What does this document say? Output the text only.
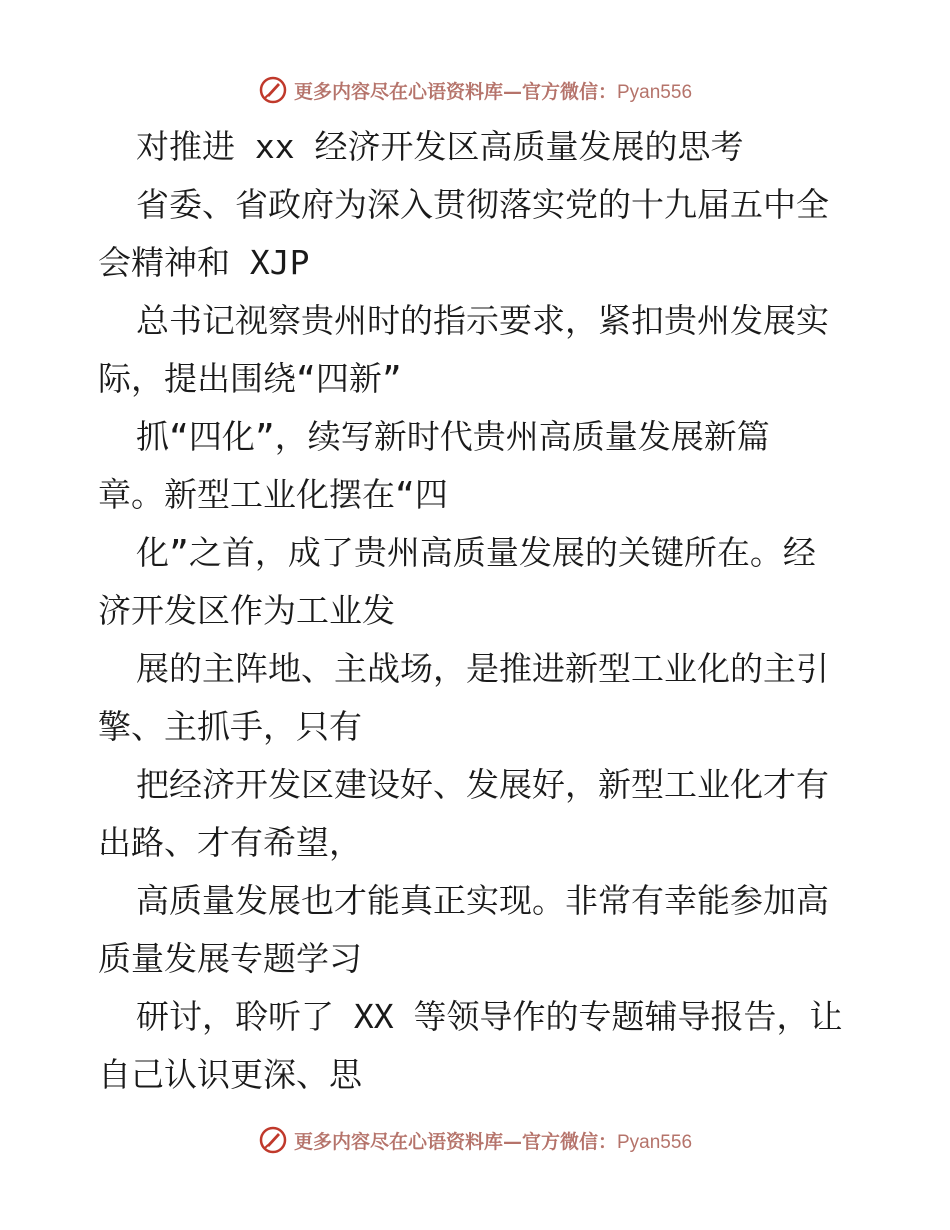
更多内容尽在心语资料库—官方微信：Pyan556
对推进 xx 经济开发区高质量发展的思考
省委、省政府为深入贯彻落实党的十九届五中全
会精神和 XJP
总书记视察贵州时的指示要求，紧扣贵州发展实
际，提出围绕“四新”
抓“四化”，续写新时代贵州高质量发展新篇
章。新型工业化摆在“四
化”之首，成了贵州高质量发展的关键所在。经
济开发区作为工业发
展的主阵地、主战场，是推进新型工业化的主引
擎、主抓手，只有
把经济开发区建设好、发展好，新型工业化才有
出路、才有希望，
高质量发展也才能真正实现。非常有幸能参加高
质量发展专题学习
研讨，聆听了 XX 等领导作的专题辅导报告，让
自己认识更深、思
更多内容尽在心语资料库—官方微信：Pyan556
